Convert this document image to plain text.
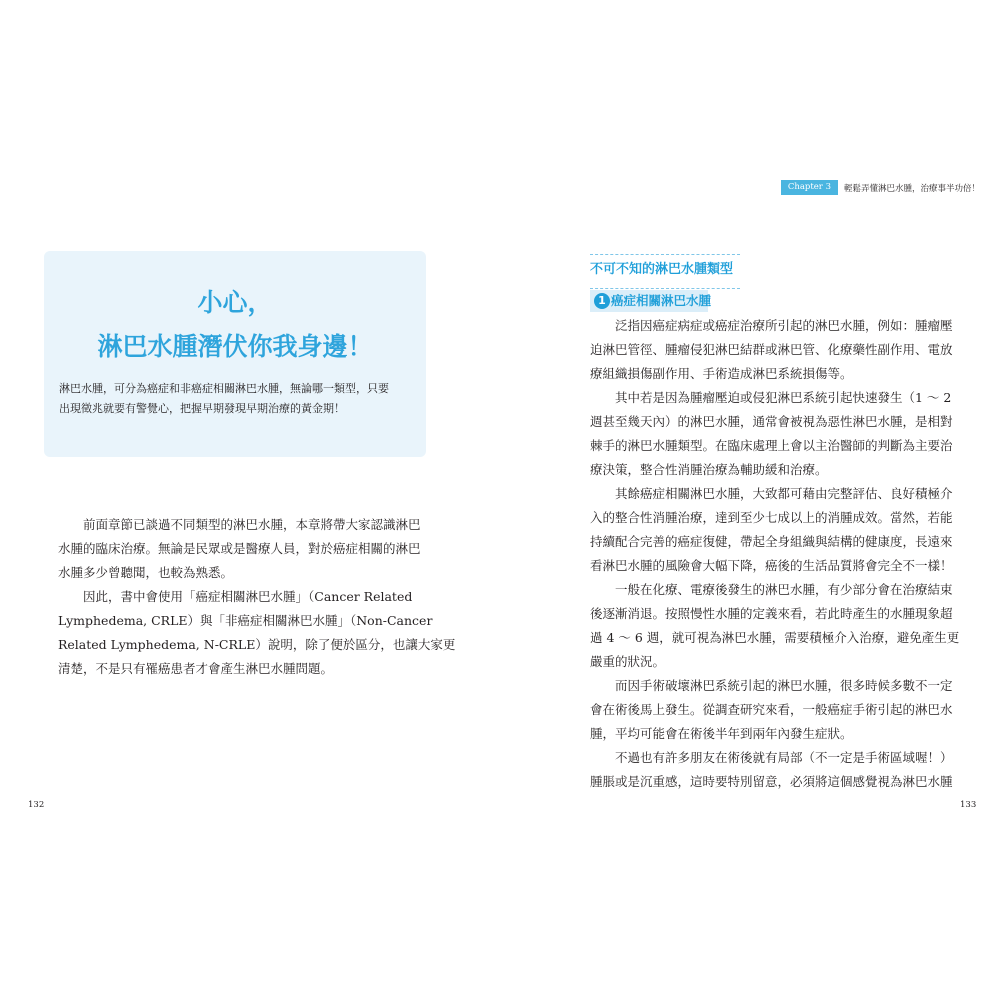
小心，
淋巴水腫潛伏你我身邊！
淋巴水腫，可分為癌症和非癌症相關淋巴水腫，無論哪一類型，只要
出現徵兆就要有警覺心，把握早期發現早期治療的黃金期！
　　前面章節已談過不同類型的淋巴水腫，本章將帶大家認識淋巴
水腫的臨床治療。無論是民眾或是醫療人員，對於癌症相關的淋巴
水腫多少曾聽聞，也較為熟悉。
　　因此，書中會使用「癌症相關淋巴水腫」（Cancer Related
Lymphedema, CRLE）與「非癌症相關淋巴水腫」（Non-Cancer
Related Lymphedema, N-CRLE）說明，除了便於區分，也讓大家更
清楚，不是只有罹癌患者才會產生淋巴水腫問題。
132
Chapter 3	輕鬆弄懂淋巴水腫，治療事半功倍！
不可不知的淋巴水腫類型
1 癌症相關淋巴水腫
　　泛指因癌症病症或癌症治療所引起的淋巴水腫，例如：腫瘤壓
迫淋巴管徑、腫瘤侵犯淋巴結群或淋巴管、化療藥性副作用、電放
療組織損傷副作用、手術造成淋巴系統損傷等。
　　其中若是因為腫瘤壓迫或侵犯淋巴系統引起快速發生（1 ～ 2
週甚至幾天內）的淋巴水腫，通常會被視為惡性淋巴水腫，是相對
棘手的淋巴水腫類型。在臨床處理上會以主治醫師的判斷為主要治
療決策，整合性消腫治療為輔助緩和治療。
　　其餘癌症相關淋巴水腫，大致都可藉由完整評估、良好積極介
入的整合性消腫治療，達到至少七成以上的消腫成效。當然，若能
持續配合完善的癌症復健，帶起全身組織與結構的健康度，長遠來
看淋巴水腫的風險會大幅下降，癌後的生活品質將會完全不一樣！
　　一般在化療、電療後發生的淋巴水腫，有少部分會在治療結束
後逐漸消退。按照慢性水腫的定義來看，若此時產生的水腫現象超
過 4 ～ 6 週，就可視為淋巴水腫，需要積極介入治療，避免產生更
嚴重的狀況。
　　而因手術破壞淋巴系統引起的淋巴水腫，很多時候多數不一定
會在術後馬上發生。從調查研究來看，一般癌症手術引起的淋巴水
腫，平均可能會在術後半年到兩年內發生症狀。
　　不過也有許多朋友在術後就有局部（不一定是手術區域喔！）
腫脹或是沉重感，這時要特別留意，必須將這個感覺視為淋巴水腫
133
